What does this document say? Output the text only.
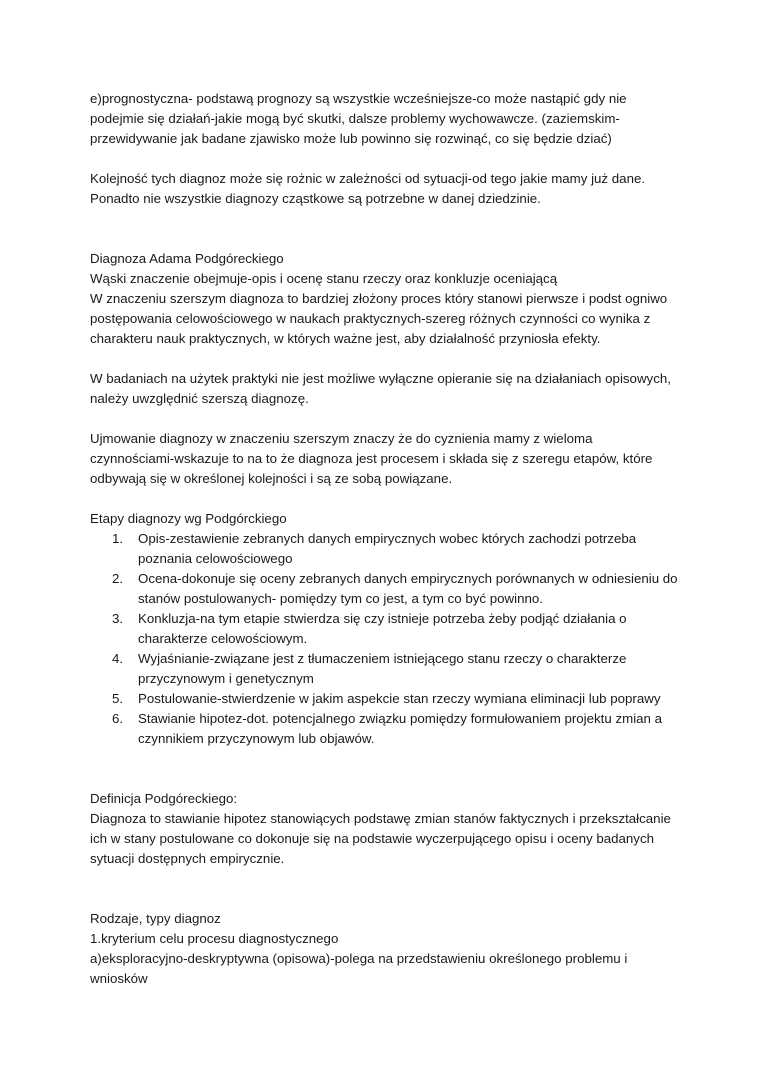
e)prognostyczna- podstawą prognozy są wszystkie wcześniejsze-co może nastąpić gdy nie podejmie się działań-jakie mogą być skutki, dalsze problemy wychowawcze. (zaziemskim-przewidywanie jak badane zjawisko może lub powinno się rozwinąć, co się będzie dziać)

Kolejność tych diagnoz może się rożnic w zależności od sytuacji-od tego jakie mamy już dane. Ponadto nie wszystkie diagnozy cząstkowe są potrzebne w danej dziedzinie.

Diagnoza Adama Podgóreckiego

Wąski znaczenie obejmuje-opis i ocenę stanu rzeczy oraz konkluzje oceniającą

W znaczeniu szerszym diagnoza to bardziej złożony proces który stanowi pierwsze i podst ogniwo postępowania celowościowego w naukach praktycznych-szereg różnych czynności co wynika z charakteru nauk praktycznych, w których ważne jest, aby działalność przyniosła efekty.

W badaniach na użytek praktyki nie jest możliwe wyłączne opieranie się na działaniach opisowych, należy uwzględnić szerszą diagnozę.

Ujmowanie diagnozy w znaczeniu szerszym znaczy że do cyznienia mamy z wieloma czynnościami-wskazuje to na to że diagnoza jest procesem i składa się z szeregu etapów, które odbywają się w określonej kolejności i są ze sobą powiązane.

Etapy diagnozy wg Podgórckiego

1. Opis-zestawienie zebranych danych empirycznych wobec których zachodzi potrzeba poznania celowościowego
2. Ocena-dokonuje się oceny zebranych danych empirycznych porównanych w odniesieniu do stanów postulowanych- pomiędzy tym co jest, a tym co być powinno.
3. Konkluzja-na tym etapie stwierdza się czy istnieje potrzeba żeby podjąć działania o charakterze celowościowym.
4. Wyjaśnianie-związane jest z tłumaczeniem istniejącego stanu rzeczy o charakterze przyczynowym i genetycznym
5. Postulowanie-stwierdzenie w jakim aspekcie stan rzeczy wymiana eliminacji lub poprawy
6. Stawianie hipotez-dot. potencjalnego związku pomiędzy formułowaniem projektu zmian a czynnikiem przyczynowym lub objawów.

Definicja Podgóreckiego:

Diagnoza to stawianie hipotez stanowiących podstawę zmian stanów faktycznych i przekształcanie ich w stany postulowane co dokonuje się na podstawie wyczerpującego opisu i oceny badanych sytuacji dostępnych empirycznie.

Rodzaje, typy diagnoz

1.kryterium celu procesu diagnostycznego

a)eksploracyjno-deskryptywna (opisowa)-polega na przedstawieniu określonego problemu i wniosków
